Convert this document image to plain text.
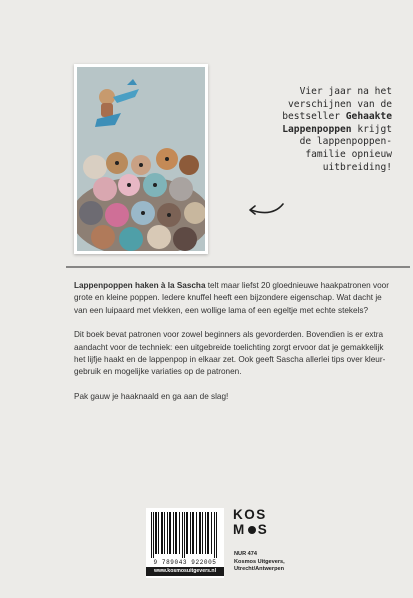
Vier jaar na het
verschijnen van de
bestseller Gehaakte
Lappenpoppen krijgt
de lappenpoppen-
familie opnieuw
uitbreiding!

Lappenpoppen haken à la Sascha telt maar liefst 20 gloednieuwe haakpatronen voor grote en kleine poppen. Iedere knuffel heeft een bijzondere eigenschap. Wat dacht je van een luipaard met vlekken, een wollige lama of een egeltje met echte stekels?

Dit boek bevat patronen voor zowel beginners als gevorderden. Bovendien is er extra aandacht voor de techniek: een uitgebreide toelichting zorgt ervoor dat je gemakkelijk het lijfje haakt en de lappenpop in elkaar zet. Ook geeft Sascha allerlei tips over kleurgebruik en mogelijke variaties op de patronen.

Pak gauw je haaknaald en ga aan de slag!

9 789043 922005
www.kosmosuitgevers.nl
KOS
M S
NUR 474
Kosmos Uitgevers,
Utrecht/Antwerpen
